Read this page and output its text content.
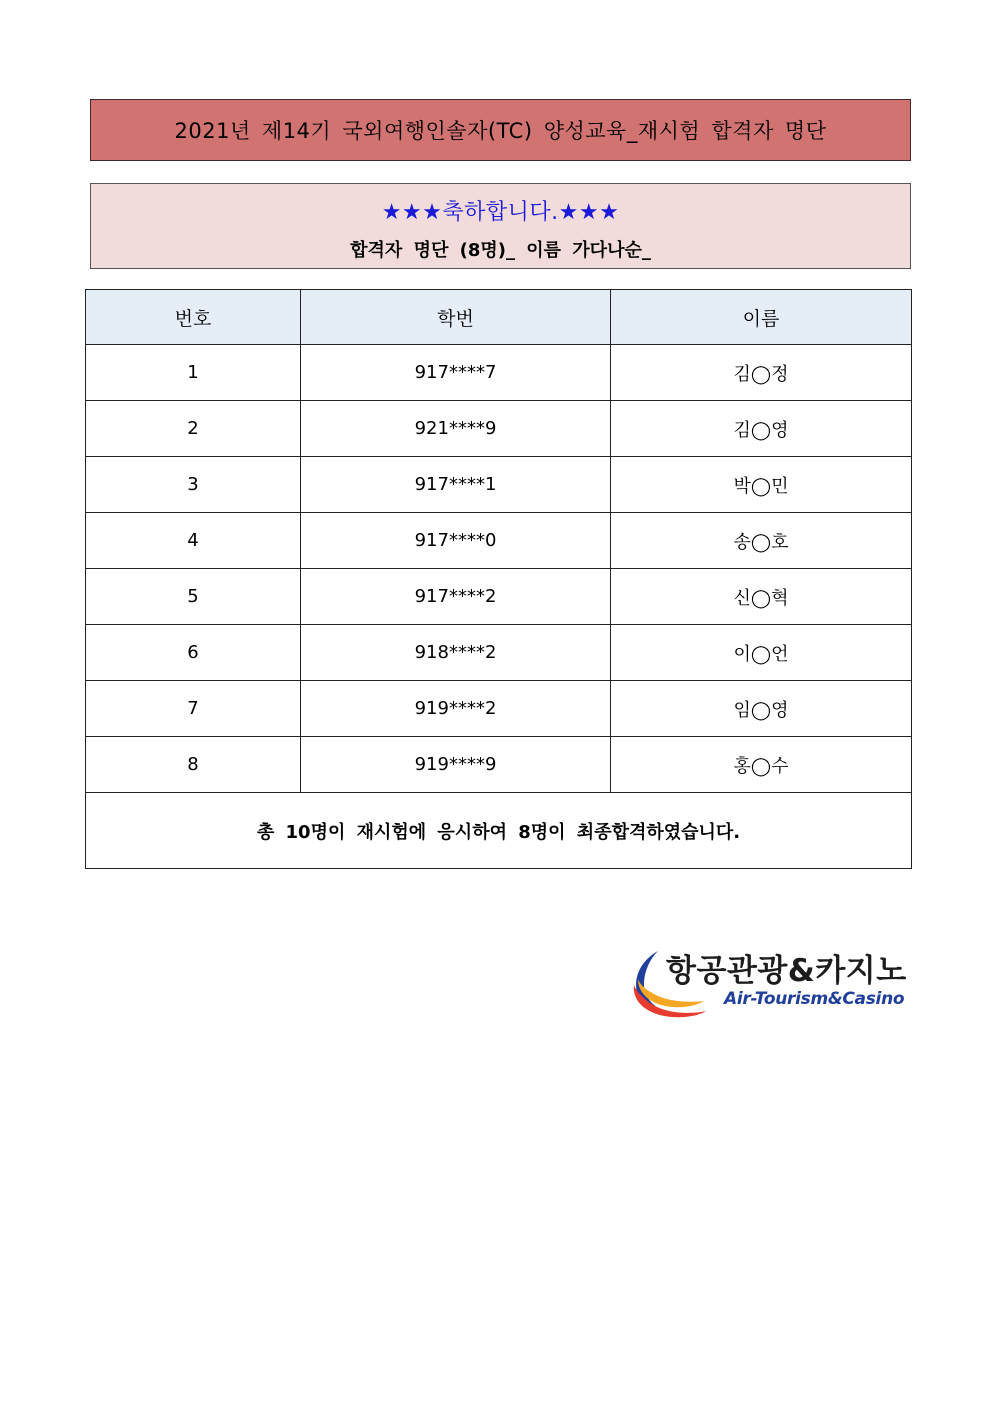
2021년 제14기 국외여행인솔자(TC) 양성교육_재시험 합격자 명단
★★★축하합니다.★★★
합격자 명단 (8명)_ 이름 가다나순_
번호	학번	이름
1	917****7	김◯정
2	921****9	김◯영
3	917****1	박◯민
4	917****0	송◯호
5	917****2	신◯혁
6	918****2	이◯언
7	919****2	임◯영
8	919****9	홍◯수
총 10명이 재시험에 응시하여 8명이 최종합격하였습니다.		
항공관광&카지노
Air-Tourism&Casino
